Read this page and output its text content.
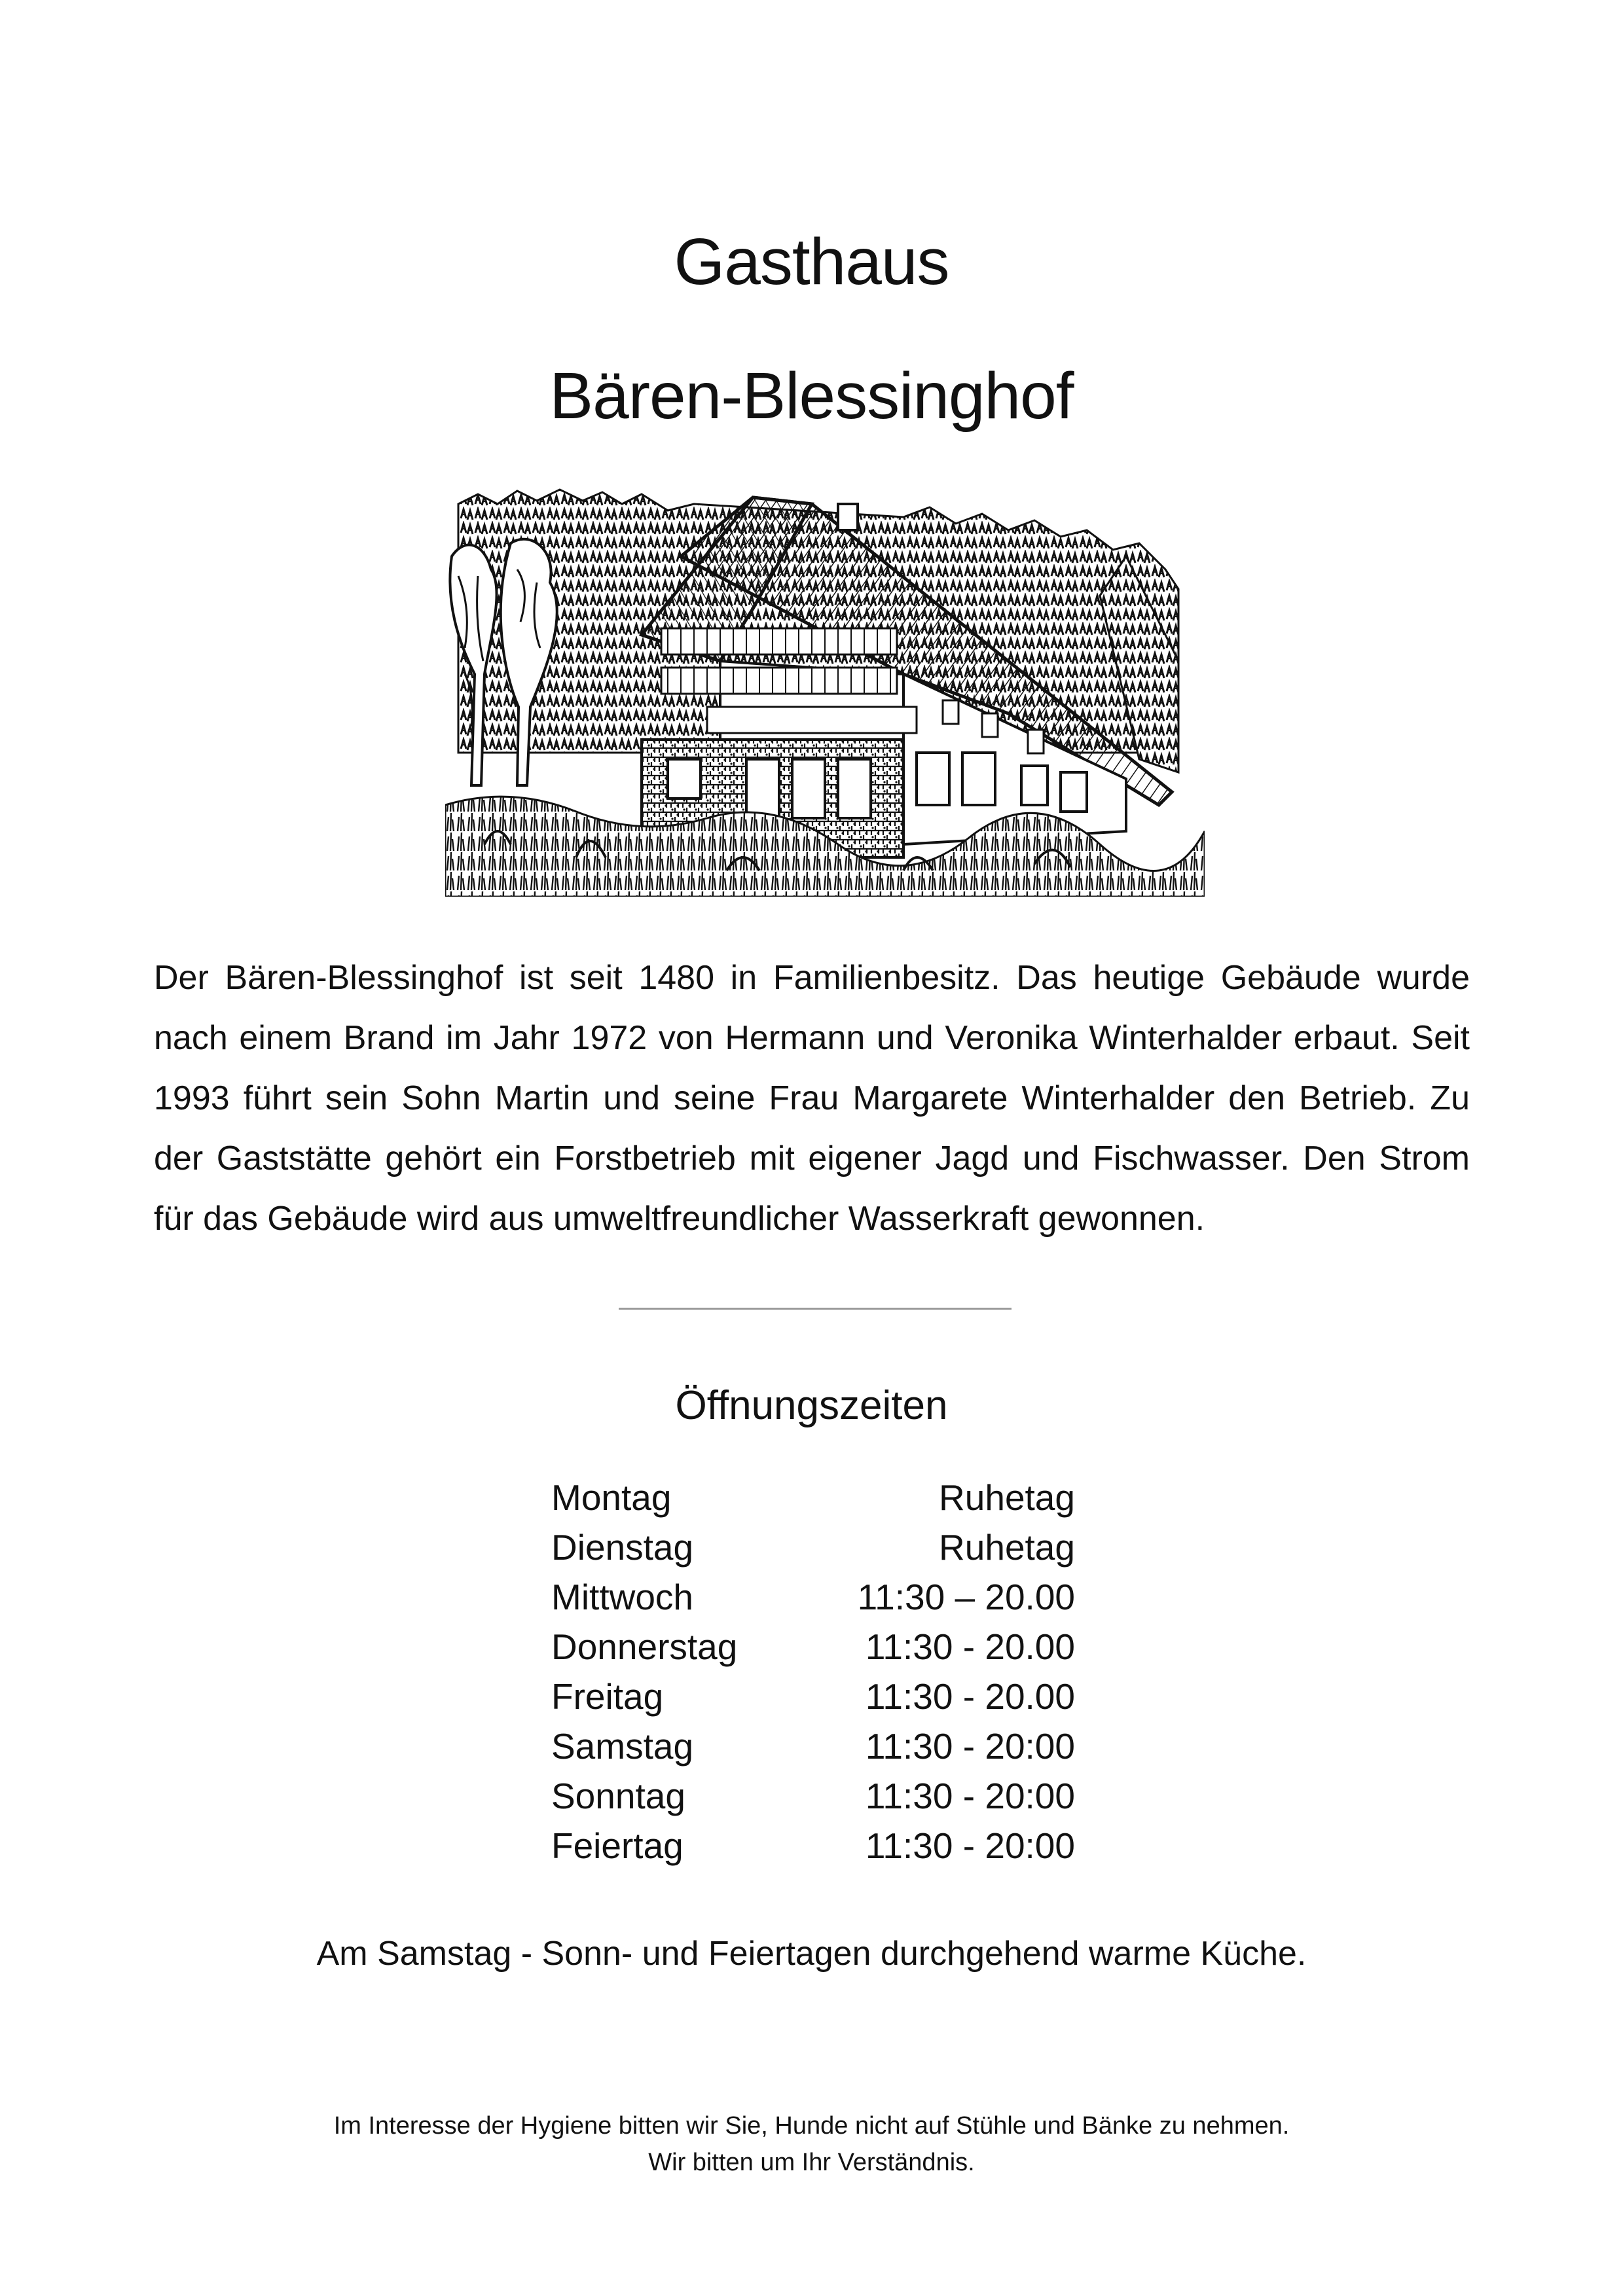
Gasthaus
Bären-Blessinghof
Der Bären-Blessinghof ist seit 1480 in Familienbesitz. Das heutige Gebäude wurde nach einem Brand im Jahr 1972 von Hermann und Veronika Winterhalder erbaut. Seit 1993 führt sein Sohn Martin und seine Frau Margarete Winterhalder den Betrieb. Zu der Gaststätte gehört ein Forstbetrieb mit eigener Jagd und Fischwasser. Den Strom für das Gebäude wird aus umweltfreundlicher Wasserkraft gewonnen.
Öffnungszeiten
Montag	Ruhetag
Dienstag	Ruhetag
Mittwoch	11:30 – 20.00
Donnerstag	11:30 - 20.00
Freitag	11:30 - 20.00
Samstag	11:30 - 20:00
Sonntag	11:30 - 20:00
Feiertag	11:30 - 20:00
Am Samstag - Sonn- und Feiertagen durchgehend warme Küche.
Im Interesse der Hygiene bitten wir Sie, Hunde nicht auf Stühle und Bänke zu nehmen.
Wir bitten um Ihr Verständnis.
